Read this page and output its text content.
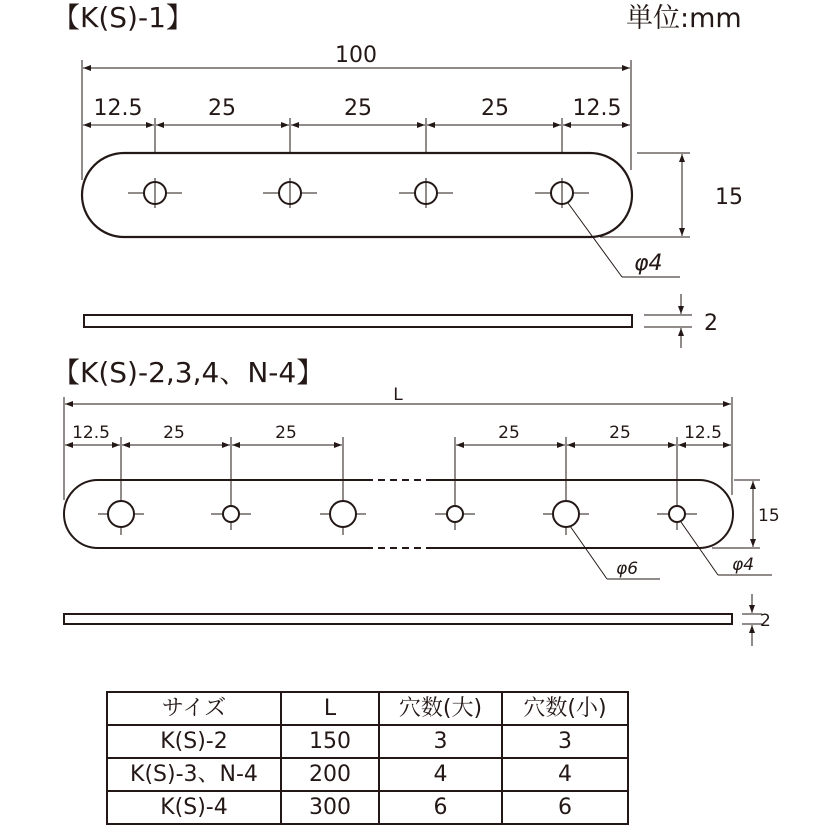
【K(S)-1】	単位:mm
100
12.5	25	25	25	12.5
15
φ4
2
【K(S)-2,3,4、N-4】
L
12.5	25	25	25	25	12.5
15
φ6	φ4
2
サイズ	L	穴数(大)	穴数(小)
K(S)-2	150	3	3
K(S)-3、N-4	200	4	4
K(S)-4	300	6	6
